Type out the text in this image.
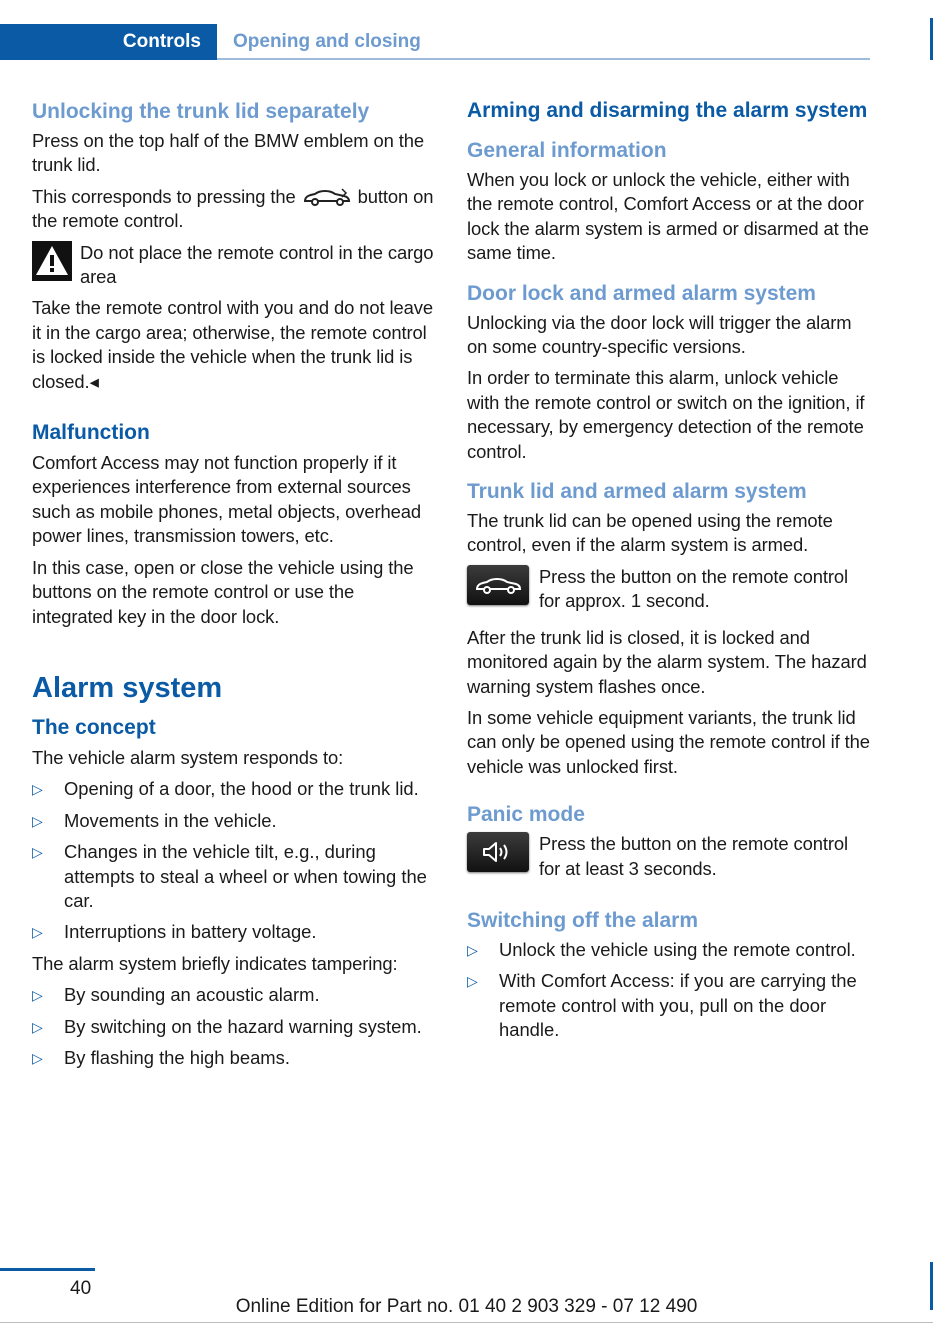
Controls	Opening and closing
Unlocking the trunk lid separately

Press on the top half of the BMW emblem on the trunk lid.

This corresponds to pressing the	button on the remote control.

Do not place the remote control in the cargo area

Take the remote control with you and do not leave it in the cargo area; otherwise, the remote control is locked inside the vehicle when the trunk lid is closed.◂

Malfunction

Comfort Access may not function properly if it experiences interference from external sources such as mobile phones, metal objects, overhead power lines, transmission towers, etc.

In this case, open or close the vehicle using the buttons on the remote control or use the integrated key in the door lock.

Alarm system
The concept

The vehicle alarm system responds to:

▷ Opening of a door, the hood or the trunk lid.
▷ Movements in the vehicle.
▷ Changes in the vehicle tilt, e.g., during attempts to steal a wheel or when towing the car.
▷ Interruptions in battery voltage.

The alarm system briefly indicates tampering:

▷ By sounding an acoustic alarm.
▷ By switching on the hazard warning system.
▷ By flashing the high beams.
Arming and disarming the alarm system
General information

When you lock or unlock the vehicle, either with the remote control, Comfort Access or at the door lock the alarm system is armed or disarmed at the same time.

Door lock and armed alarm system

Unlocking via the door lock will trigger the alarm on some country-specific versions.

In order to terminate this alarm, unlock vehicle with the remote control or switch on the ignition, if necessary, by emergency detection of the remote control.

Trunk lid and armed alarm system

The trunk lid can be opened using the remote control, even if the alarm system is armed.

Press the button on the remote control for approx. 1 second.

After the trunk lid is closed, it is locked and monitored again by the alarm system. The hazard warning system flashes once.

In some vehicle equipment variants, the trunk lid can only be opened using the remote control if the vehicle was unlocked first.

Panic mode
Press the button on the remote control for at least 3 seconds.
Switching off the alarm
▷ Unlock the vehicle using the remote control.
▷ With Comfort Access: if you are carrying the remote control with you, pull on the door handle.
40
Online Edition for Part no. 01 40 2 903 329 - 07 12 490
